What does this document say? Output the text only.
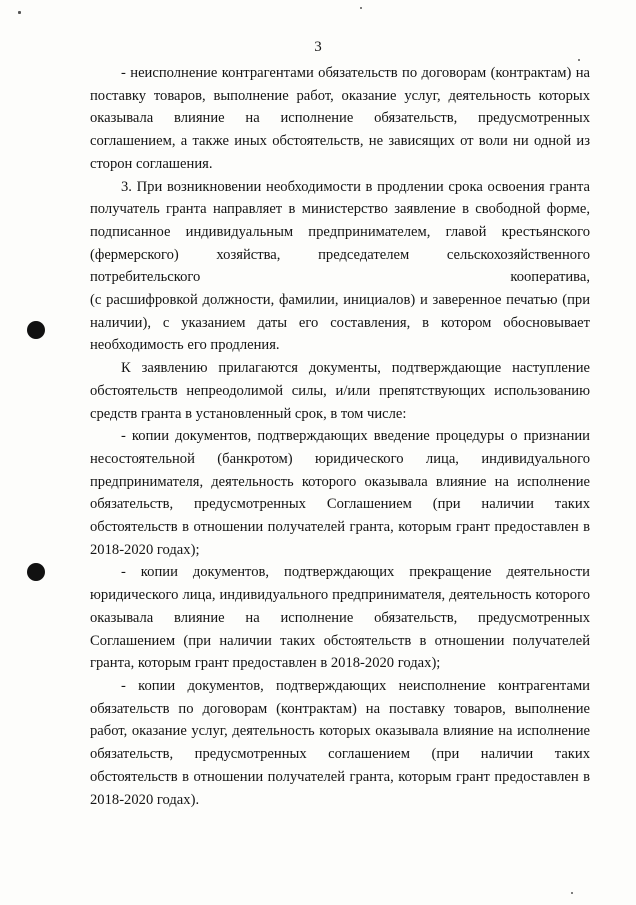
3

- неисполнение контрагентами обязательств по договорам (контрактам) на поставку товаров, выполнение работ, оказание услуг, деятельность которых оказывала влияние на исполнение обязательств, предусмотренных соглашением, а также иных обстоятельств, не зависящих от воли ни одной из сторон соглашения.

3. При возникновении необходимости в продлении срока освоения гранта получатель гранта направляет в министерство заявление в свободной форме, подписанное индивидуальным предпринимателем, главой крестьянского (фермерского) хозяйства, председателем сельскохозяйственного потребительского кооператива,

(с расшифровкой должности, фамилии, инициалов) и заверенное печатью (при наличии), с указанием даты его составления, в котором обосновывает необходимость его продления.

К заявлению прилагаются документы, подтверждающие наступление обстоятельств непреодолимой силы, и/или препятствующих использованию средств гранта в установленный срок, в том числе:

- копии документов, подтверждающих введение процедуры о признании несостоятельной (банкротом) юридического лица, индивидуального предпринимателя, деятельность которого оказывала влияние на исполнение обязательств, предусмотренных Соглашением (при наличии таких обстоятельств в отношении получателей гранта, которым грант предоставлен в 2018-2020 годах);

- копии документов, подтверждающих прекращение деятельности юридического лица, индивидуального предпринимателя, деятельность которого оказывала влияние на исполнение обязательств, предусмотренных Соглашением (при наличии таких обстоятельств в отношении получателей гранта, которым грант предоставлен в 2018-2020 годах);

- копии документов, подтверждающих неисполнение контрагентами обязательств по договорам (контрактам) на поставку товаров, выполнение работ, оказание услуг, деятельность которых оказывала влияние на исполнение обязательств, предусмотренных соглашением (при наличии таких обстоятельств в отношении получателей гранта, которым грант предоставлен в 2018-2020 годах).
